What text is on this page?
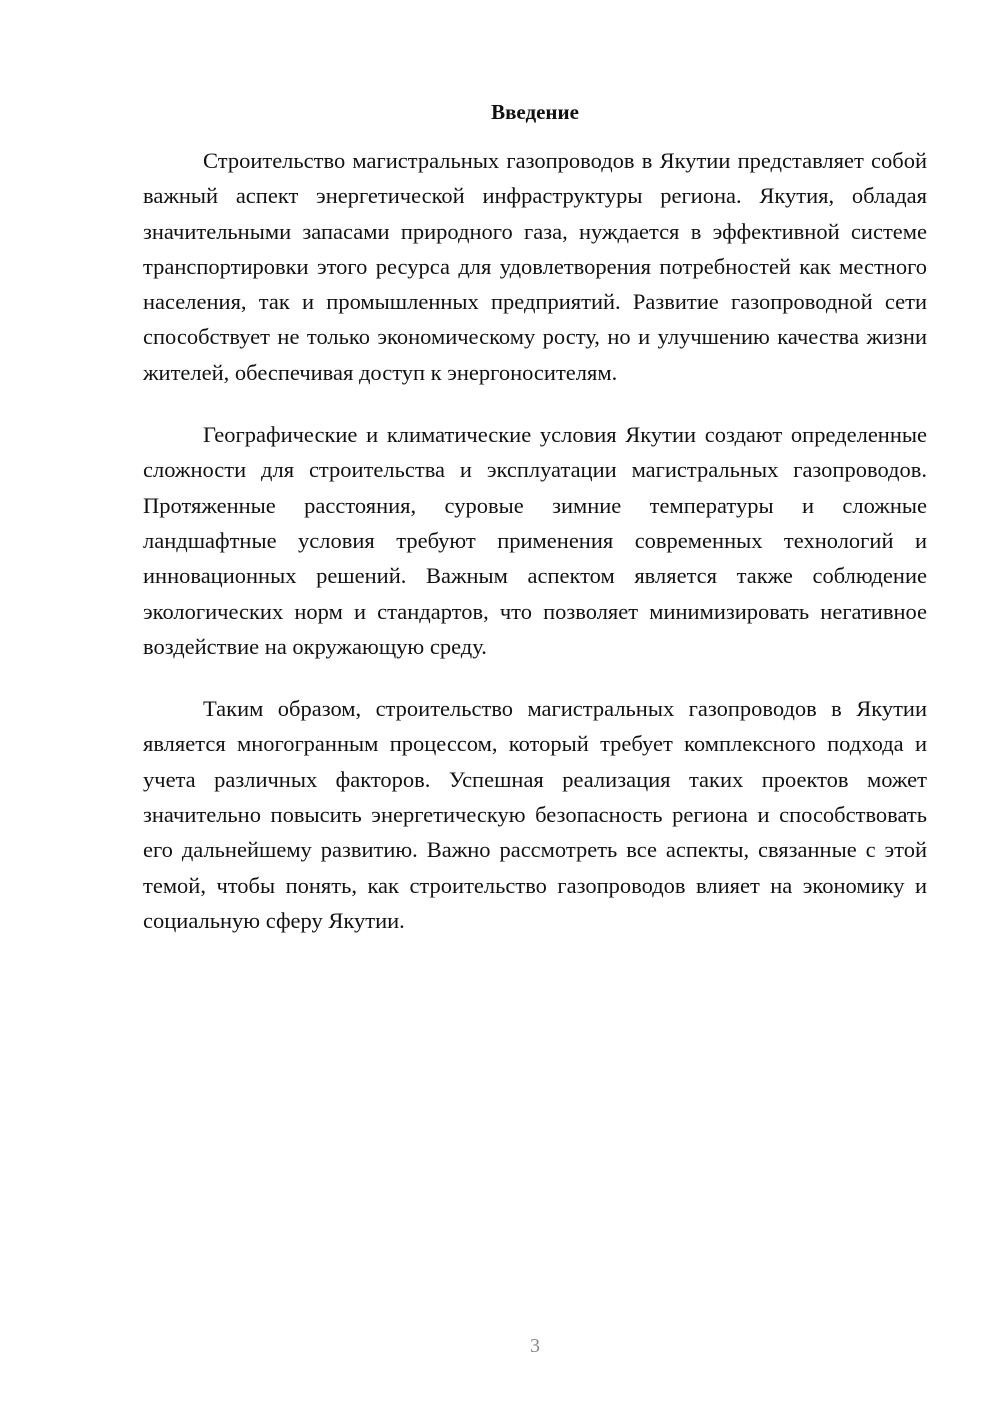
Введение

Строительство магистральных газопроводов в Якутии представляет собой важный аспект энергетической инфраструктуры региона. Якутия, обладая значительными запасами природного газа, нуждается в эффективной системе транспортировки этого ресурса для удовлетворения потребностей как местного населения, так и промышленных предприятий. Развитие газопроводной сети способствует не только экономическому росту, но и улучшению качества жизни жителей, обеспечивая доступ к энергоносителям.

Географические и климатические условия Якутии создают определенные сложности для строительства и эксплуатации магистральных газопроводов. Протяженные расстояния, суровые зимние температуры и сложные ландшафтные условия требуют применения современных технологий и инновационных решений. Важным аспектом является также соблюдение экологических норм и стандартов, что позволяет минимизировать негативное воздействие на окружающую среду.

Таким образом, строительство магистральных газопроводов в Якутии является многогранным процессом, который требует комплексного подхода и учета различных факторов. Успешная реализация таких проектов может значительно повысить энергетическую безопасность региона и способствовать его дальнейшему развитию. Важно рассмотреть все аспекты, связанные с этой темой, чтобы понять, как строительство газопроводов влияет на экономику и социальную сферу Якутии.

3
